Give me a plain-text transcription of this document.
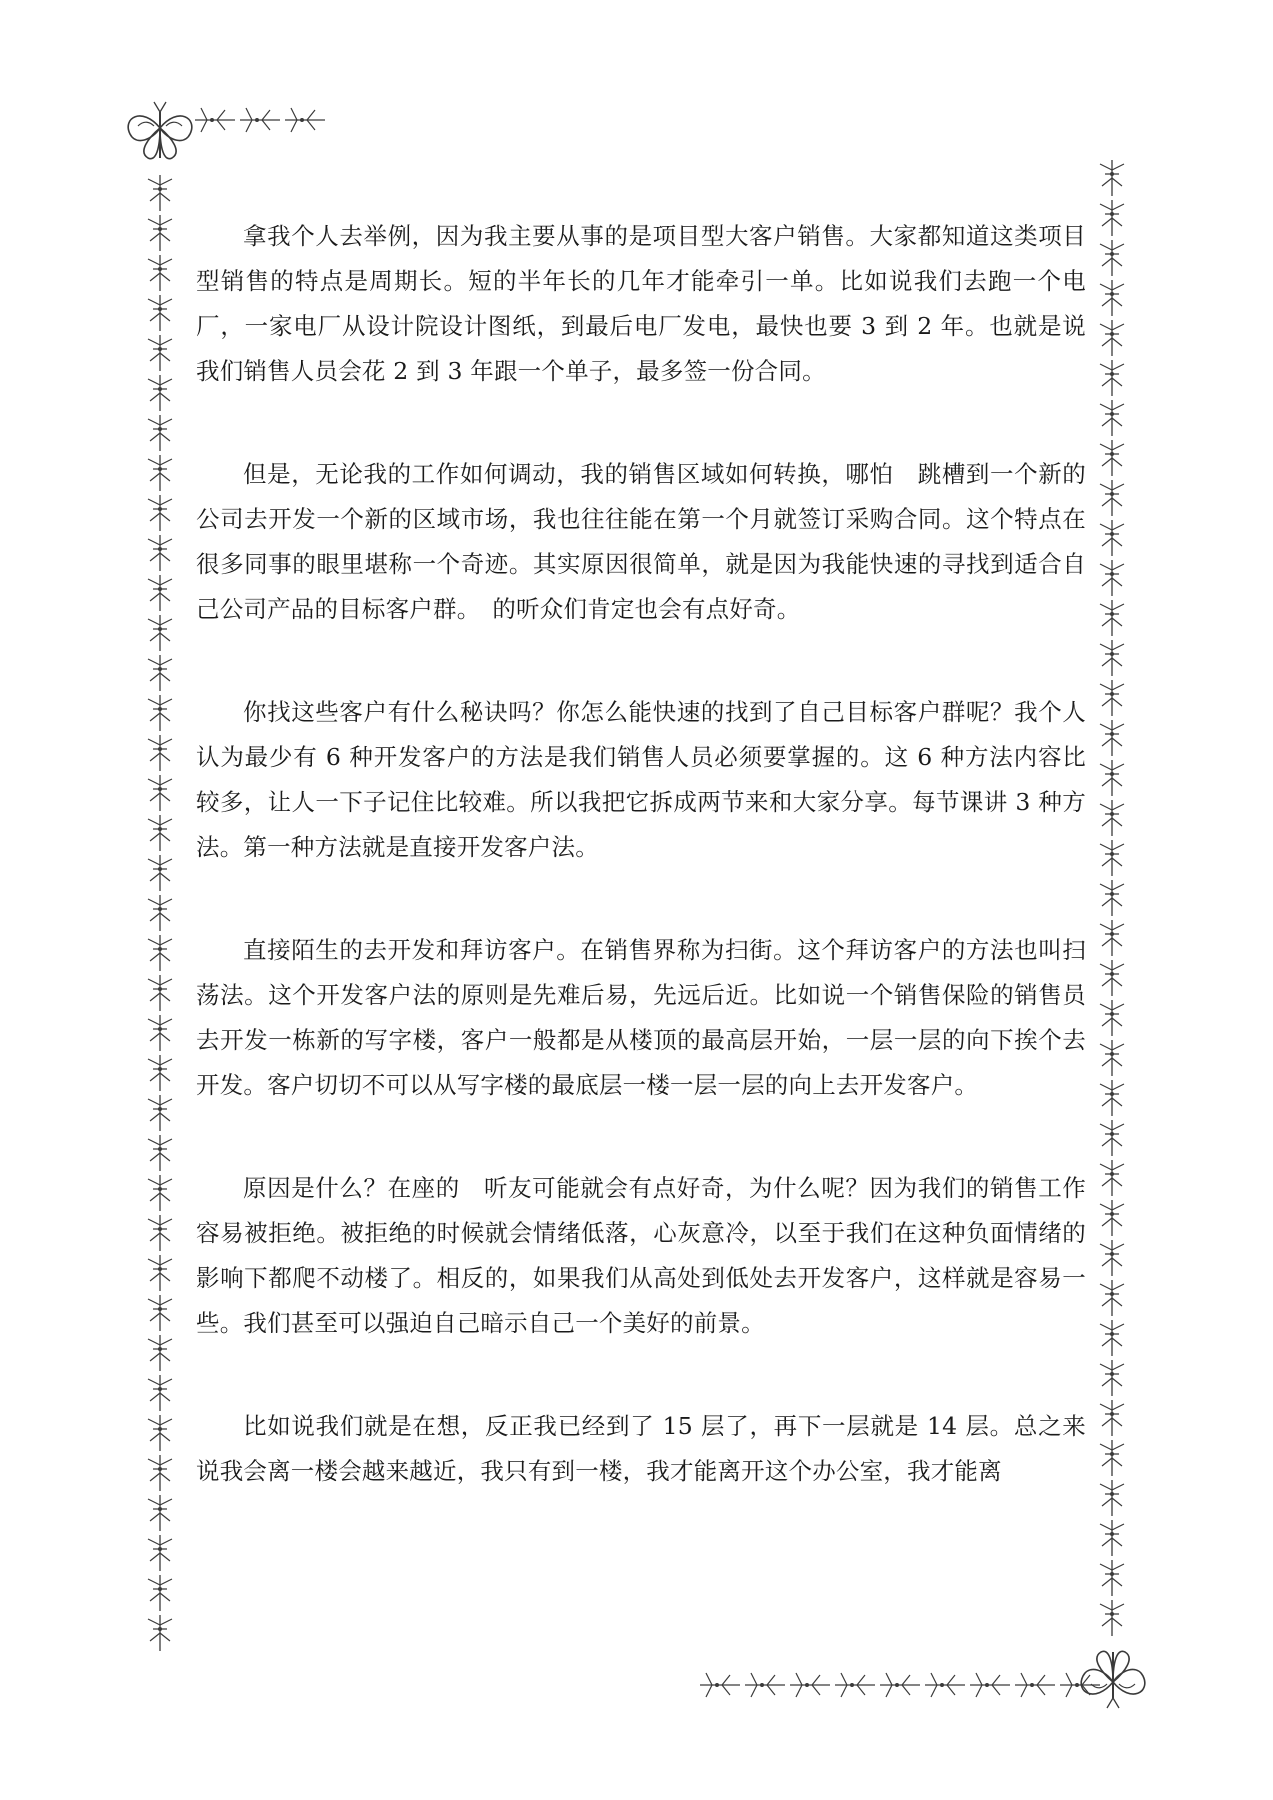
拿我个人去举例，因为我主要从事的是项目型大客户销售。大家都知道这类项目型销售的特点是周期长。短的半年长的几年才能牵引一单。比如说我们去跑一个电厂，一家电厂从设计院设计图纸，到最后电厂发电，最快也要 3 到 2 年。也就是说我们销售人员会花 2 到 3 年跟一个单子，最多签一份合同。

但是，无论我的工作如何调动，我的销售区域如何转换，哪怕　跳槽到一个新的公司去开发一个新的区域市场，我也往往能在第一个月就签订采购合同。这个特点在很多同事的眼里堪称一个奇迹。其实原因很简单，就是因为我能快速的寻找到适合自己公司产品的目标客户群。　的听众们肯定也会有点好奇。

你找这些客户有什么秘诀吗？你怎么能快速的找到了自己目标客户群呢？我个人认为最少有 6 种开发客户的方法是我们销售人员必须要掌握的。这 6 种方法内容比较多，让人一下子记住比较难。所以我把它拆成两节来和大家分享。每节课讲 3 种方法。第一种方法就是直接开发客户法。

直接陌生的去开发和拜访客户。在销售界称为扫街。这个拜访客户的方法也叫扫荡法。这个开发客户法的原则是先难后易，先远后近。比如说一个销售保险的销售员去开发一栋新的写字楼，客户一般都是从楼顶的最高层开始，一层一层的向下挨个去开发。客户切切不可以从写字楼的最底层一楼一层一层的向上去开发客户。

原因是什么？在座的　听友可能就会有点好奇，为什么呢？因为我们的销售工作容易被拒绝。被拒绝的时候就会情绪低落，心灰意冷，以至于我们在这种负面情绪的影响下都爬不动楼了。相反的，如果我们从高处到低处去开发客户，这样就是容易一些。我们甚至可以强迫自己暗示自己一个美好的前景。

比如说我们就是在想，反正我已经到了 15 层了，再下一层就是 14 层。总之来说我会离一楼会越来越近，我只有到一楼，我才能离开这个办公室，我才能离
